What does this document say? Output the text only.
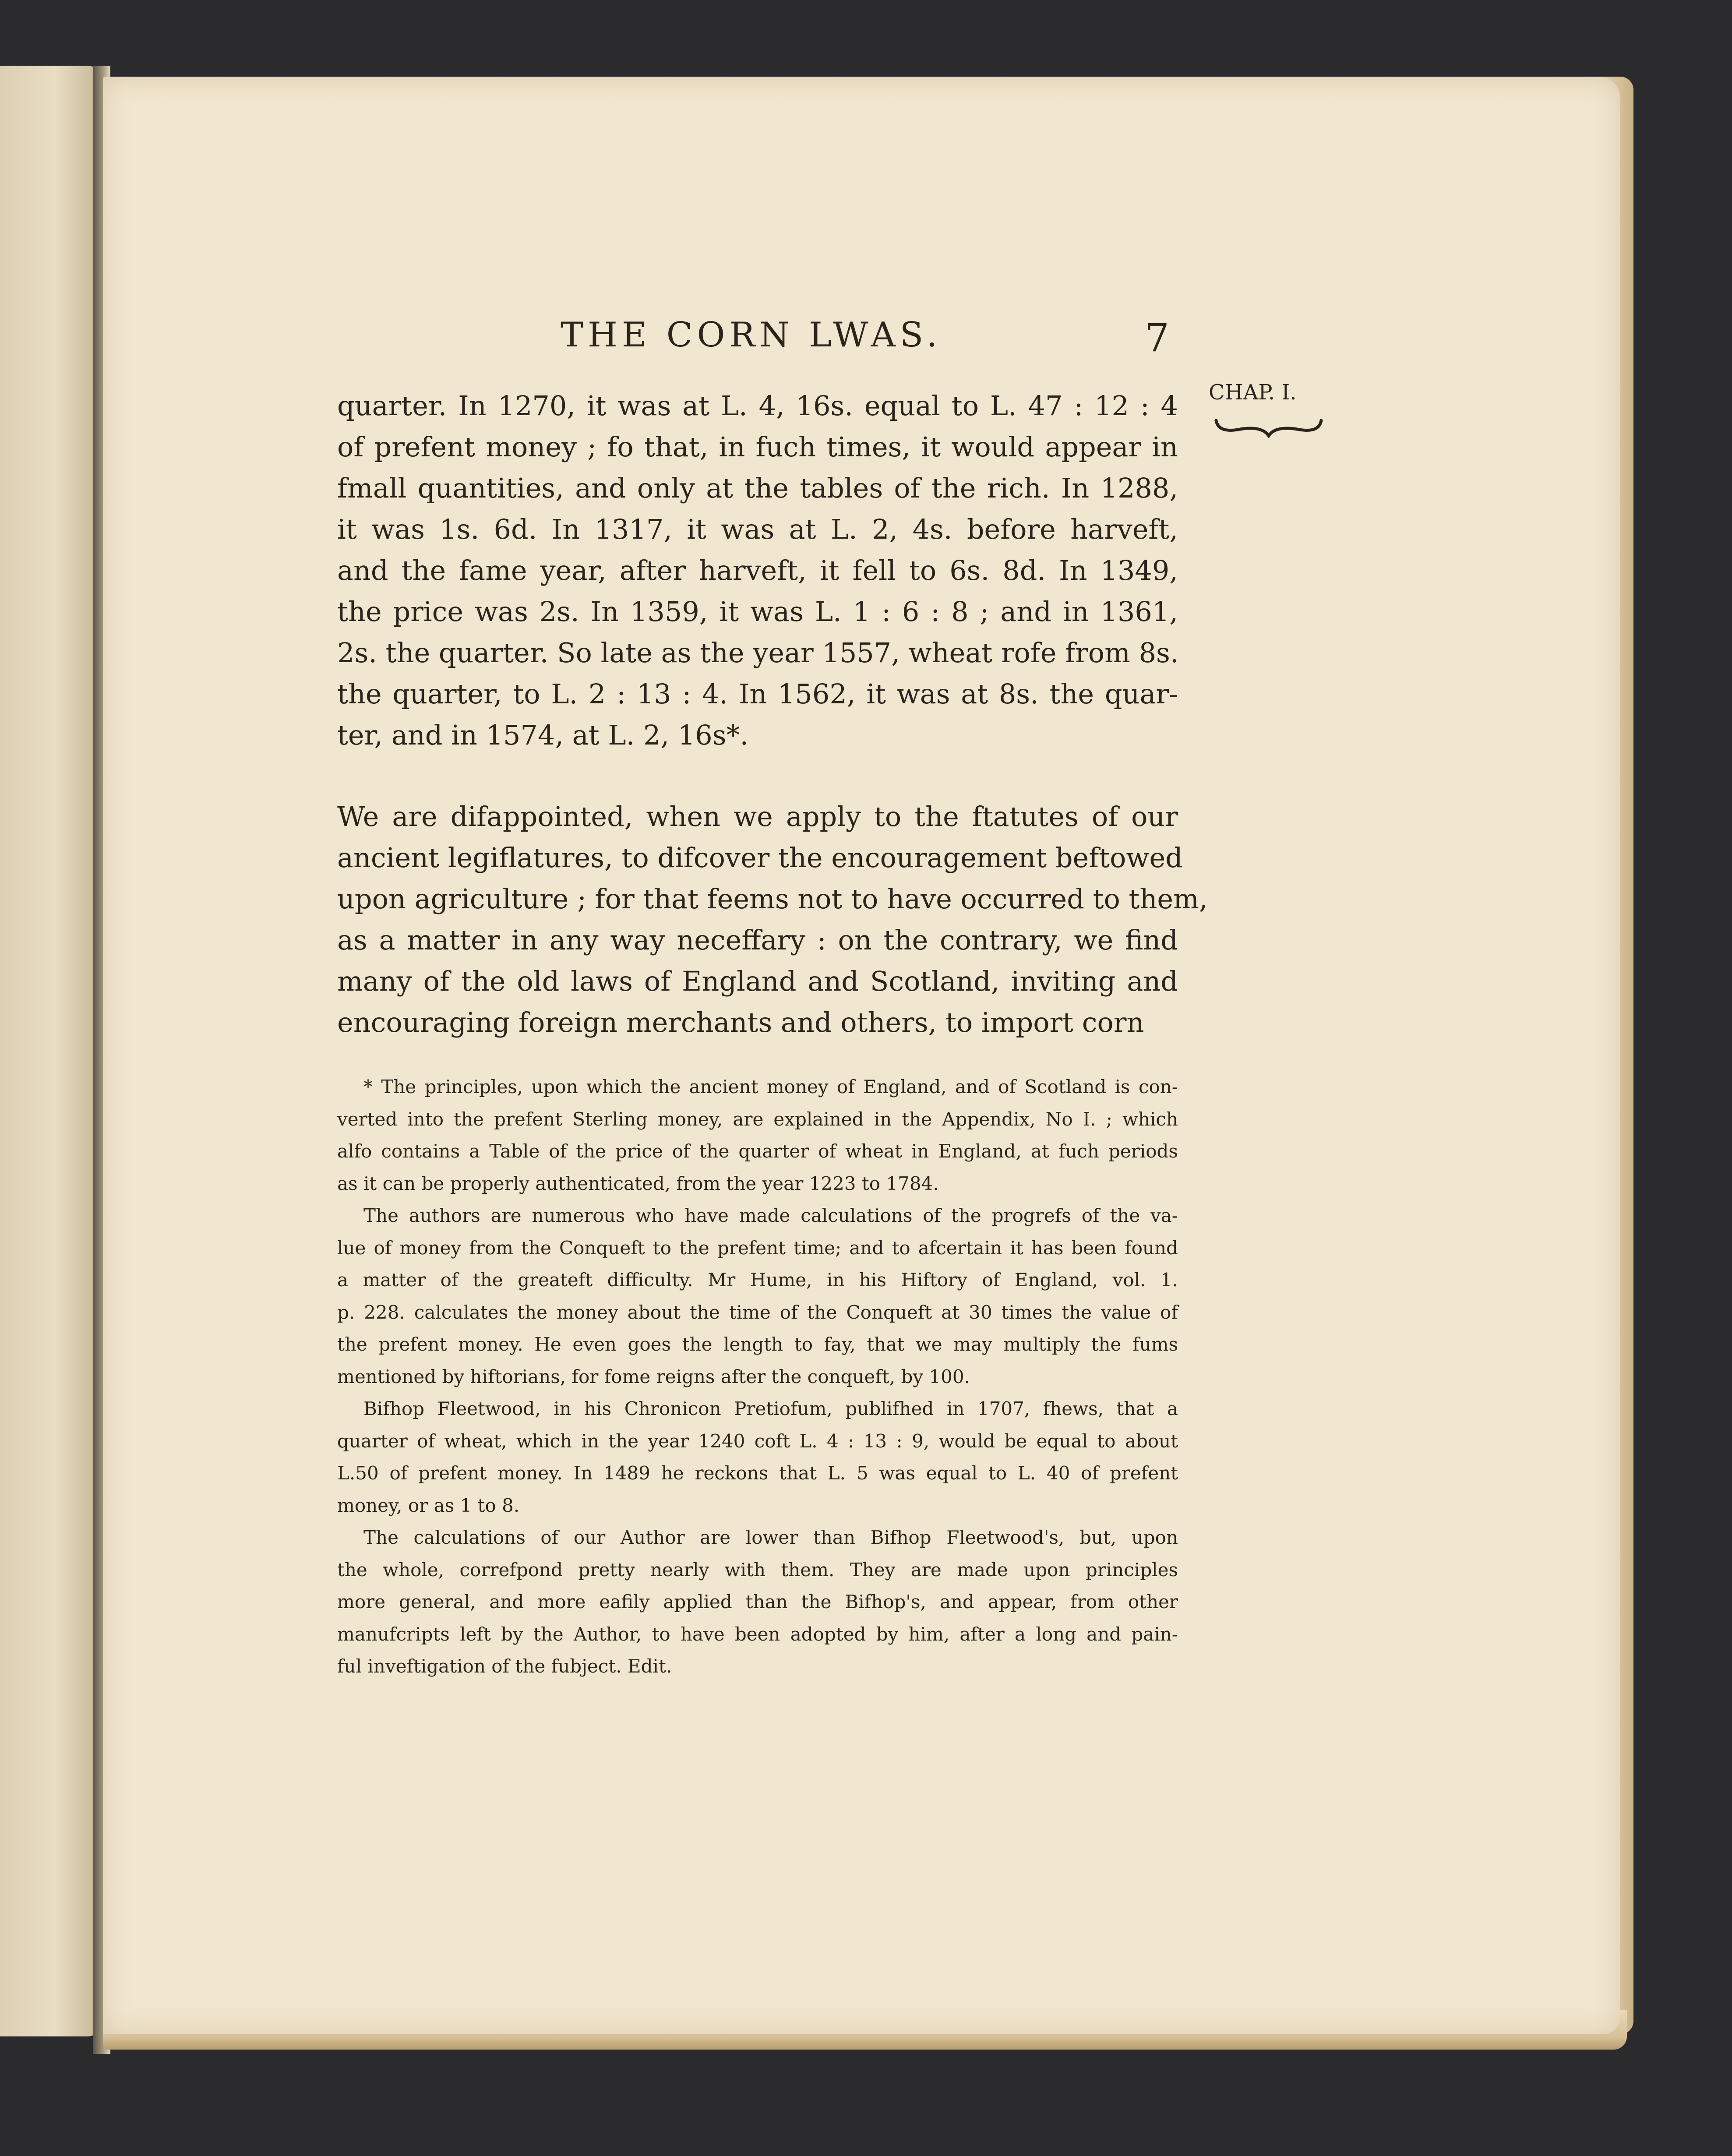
THE CORN LWAS.	7
CHAP. I.
quarter. In 1270, it was at L. 4, 16s. equal to L. 47 : 12 : 4
of prefent money ; fo that, in fuch times, it would appear in
fmall quantities, and only at the tables of the rich. In 1288,
it was 1s. 6d. In 1317, it was at L. 2, 4s. before harveft,
and the fame year, after harveft, it fell to 6s. 8d. In 1349,
the price was 2s. In 1359, it was L. 1 : 6 : 8 ; and in 1361,
2s. the quarter. So late as the year 1557, wheat rofe from 8s.
the quarter, to L. 2 : 13 : 4. In 1562, it was at 8s. the quar-
ter, and in 1574, at L. 2, 16s*.
We are difappointed, when we apply to the ftatutes of our
ancient legiflatures, to difcover the encouragement beftowed
upon agriculture ; for that feems not to have occurred to them,
as a matter in any way neceffary : on the contrary, we find
many of the old laws of England and Scotland, inviting and
encouraging foreign merchants and others, to import corn
* The principles, upon which the ancient money of England, and of Scotland is con-
verted into the prefent Sterling money, are explained in the Appendix, No I. ; which
alfo contains a Table of the price of the quarter of wheat in England, at fuch periods
as it can be properly authenticated, from the year 1223 to 1784.
The authors are numerous who have made calculations of the progrefs of the va-
lue of money from the Conqueft to the prefent time; and to afcertain it has been found
a matter of the greateft difficulty. Mr Hume, in his Hiftory of England, vol. 1.
p. 228. calculates the money about the time of the Conqueft at 30 times the value of
the prefent money. He even goes the length to fay, that we may multiply the fums
mentioned by hiftorians, for fome reigns after the conqueft, by 100.
Bifhop Fleetwood, in his Chronicon Pretiofum, publifhed in 1707, fhews, that a
quarter of wheat, which in the year 1240 coft L. 4 : 13 : 9, would be equal to about
L.50 of prefent money. In 1489 he reckons that L. 5 was equal to L. 40 of prefent
money, or as 1 to 8.
The calculations of our Author are lower than Bifhop Fleetwood's, but, upon
the whole, correfpond pretty nearly with them. They are made upon principles
more general, and more eafily applied than the Bifhop's, and appear, from other
manufcripts left by the Author, to have been adopted by him, after a long and pain-
ful inveftigation of the fubject. Edit.
